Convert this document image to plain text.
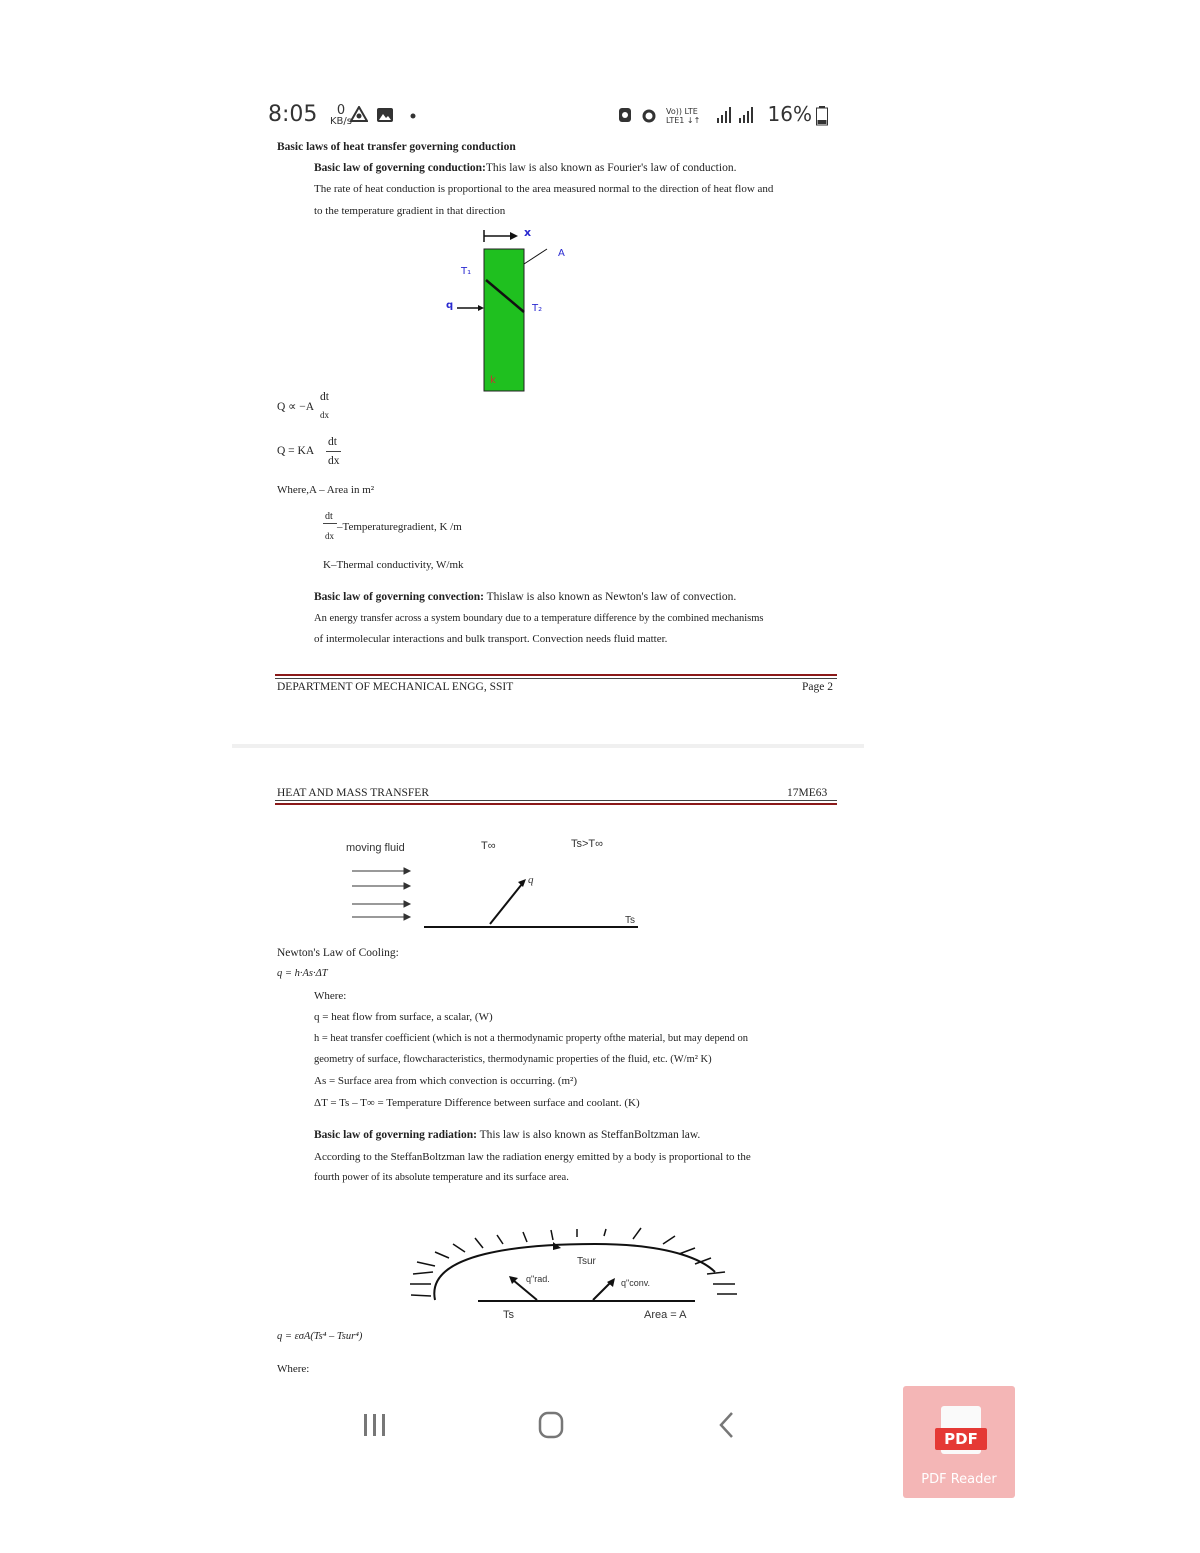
8:05	0
KB/s
Vo)) LTE
LTE1 ↓↑	16%
Basic laws of heat transfer governing conduction
Basic law of governing conduction:This law is also known as Fourier's law of conduction.
The rate of heat conduction is proportional to the area measured normal to the direction of heat flow and
to the temperature gradient in that direction
x
A
T₁
T₂
q
k
Q ∝ −A
dt
dx
Q = KA
dt
dx
Where,A – Area in m²
dt
dx
–Temperaturegradient, K /m
K–Thermal conductivity, W/mk
Basic law of governing convection: Thislaw is also known as Newton's law of convection.
An energy transfer across a system boundary due to a temperature difference by the combined mechanisms
of intermolecular interactions and bulk transport. Convection needs fluid matter.
DEPARTMENT OF MECHANICAL ENGG, SSIT	Page 2
HEAT AND MASS TRANSFER	17ME63
moving fluid	T∞	Ts>T∞
q
Ts
Newton's Law of Cooling:
q = h·As·ΔT
Where:
q = heat flow from surface, a scalar, (W)
h = heat transfer coefficient (which is not a thermodynamic property ofthe material, but may depend on
geometry of surface, flowcharacteristics, thermodynamic properties of the fluid, etc. (W/m² K)
As = Surface area from which convection is occurring. (m²)
ΔT = Ts – T∞ = Temperature Difference between surface and coolant. (K)
Basic law of governing radiation: This law is also known as SteffanBoltzman law.
According to the SteffanBoltzman law the radiation energy emitted by a body is proportional to the
fourth power of its absolute temperature and its surface area.
Tsur
q"rad.	q"conv.
Ts	Area = A
q = εσA(Ts⁴ – Tsur⁴)
Where:
PDF
PDF Reader
